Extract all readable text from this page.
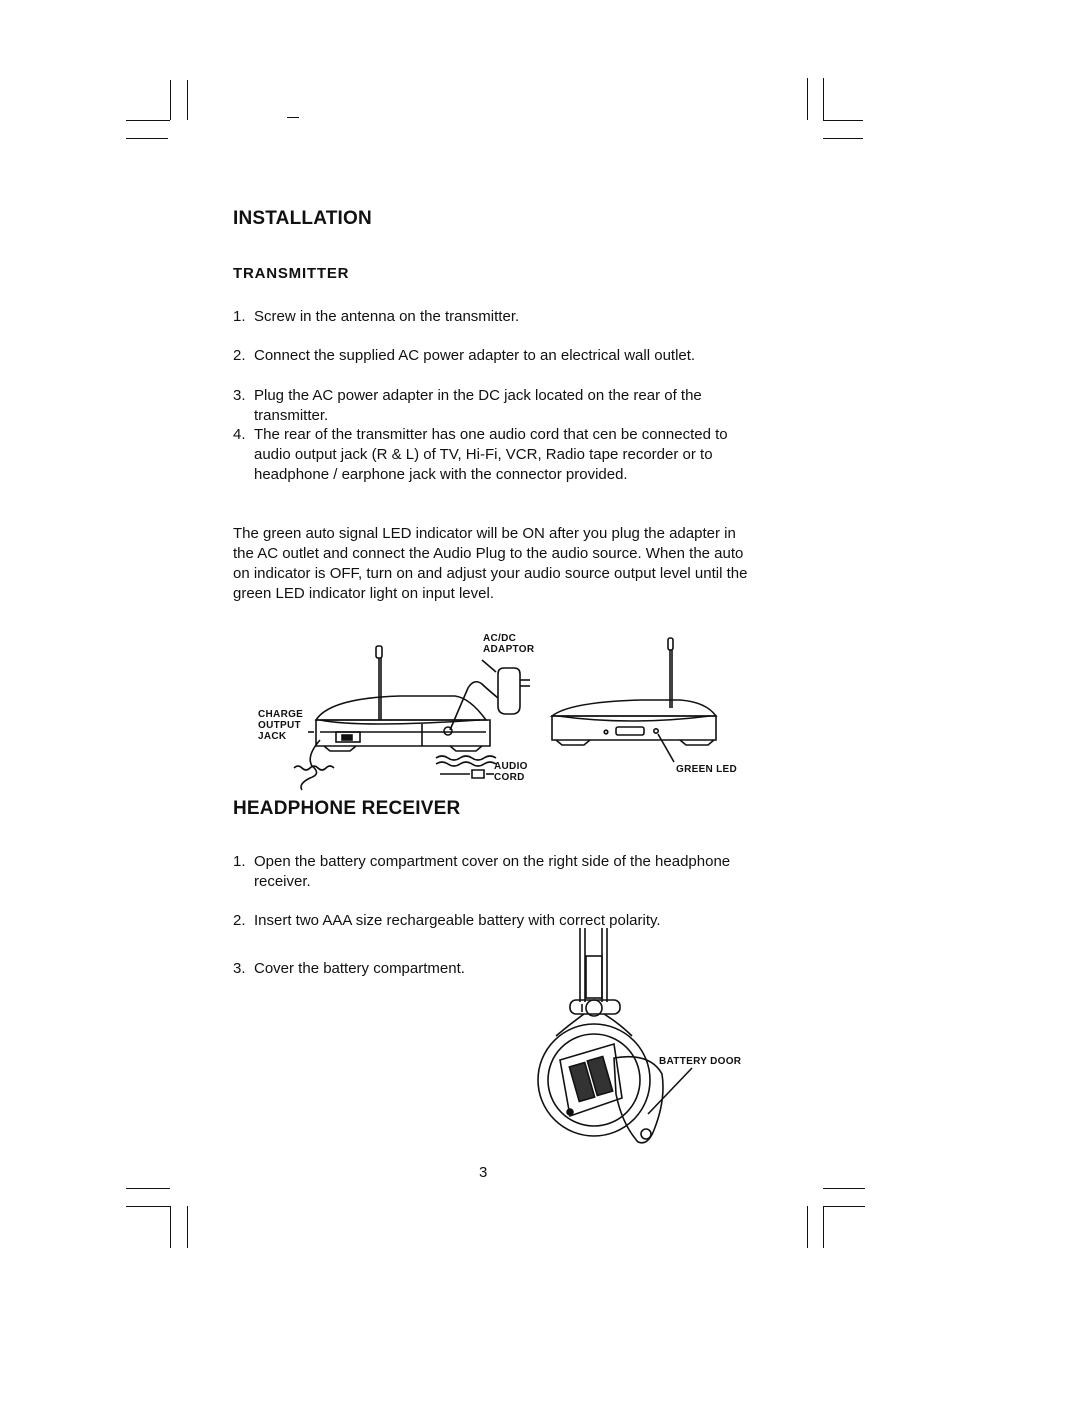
INSTALLATION
TRANSMITTER
1. Screw in the antenna on the transmitter.
2. Connect the supplied AC power adapter to an electrical wall outlet.
3. Plug the AC power adapter in the DC jack located on the rear of the transmitter.
4. The rear of the transmitter has one audio cord that cen be connected to audio output jack (R & L) of TV, Hi-Fi, VCR, Radio tape recorder or to headphone / earphone jack with the connector provided.
The green auto signal LED indicator will be ON after you plug the adapter in the AC outlet and connect the Audio Plug to the audio source. When the auto on indicator is OFF, turn on and adjust your audio source output level until the green LED indicator light on input level.
AC/DC
ADAPTOR
CHARGE
OUTPUT
JACK
AUDIO
CORD
GREEN LED
HEADPHONE RECEIVER
1. Open the battery compartment cover on the right side of the headphone receiver.
2. Insert two AAA size rechargeable battery with correct polarity.
3. Cover the battery compartment.
BATTERY DOOR
3
